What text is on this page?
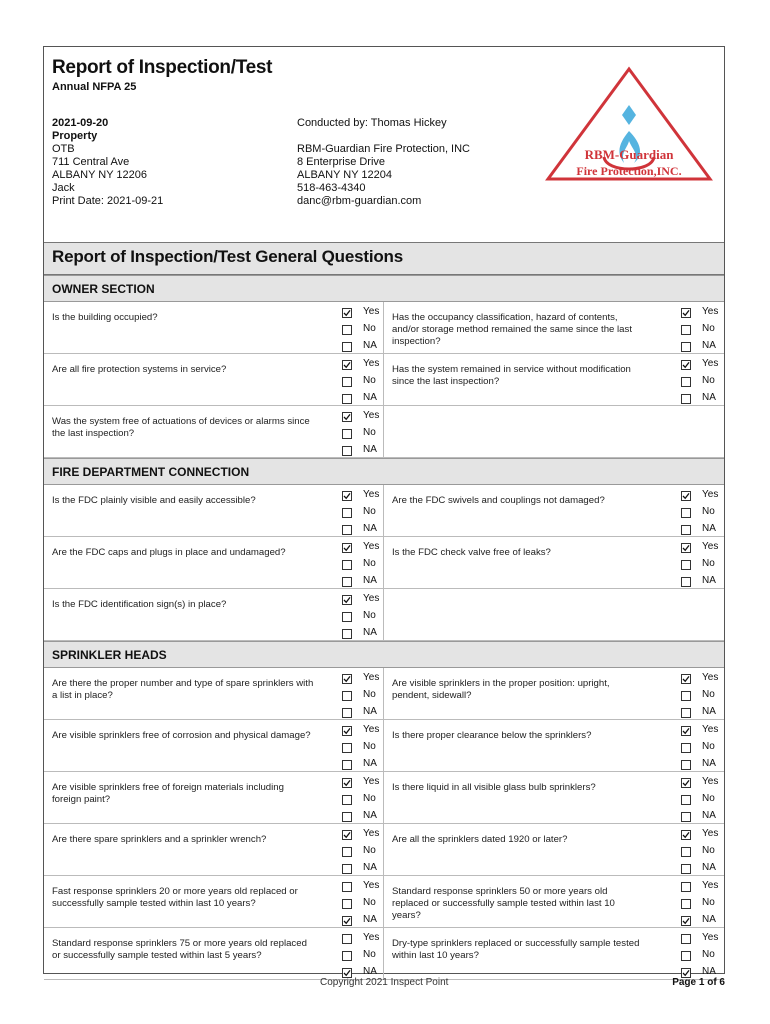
Report of Inspection/Test
Annual NFPA 25
2021-09-20
Property
OTB
711 Central Ave
ALBANY NY 12206
Jack
Print Date: 2021-09-21
Conducted by: Thomas Hickey
RBM-Guardian Fire Protection, INC
8 Enterprise Drive
ALBANY NY 12204
518-463-4340
danc@rbm-guardian.com
RBM-Guardian
Fire Protection,INC.
Report of Inspection/Test General Questions
OWNER SECTION
Is the building occupied?
Yes
No
NA
Has the occupancy classification, hazard of contents, and/or storage method remained the same since the last inspection?
Yes
No
NA
Are all fire protection systems in service?
Yes
No
NA
Has the system remained in service without modification since the last inspection?
Yes
No
NA
Was the system free of actuations of devices or alarms since the last inspection?
Yes
No
NA
FIRE DEPARTMENT CONNECTION
Is the FDC plainly visible and easily accessible?
Yes
No
NA
Are the FDC swivels and couplings not damaged?
Yes
No
NA
Are the FDC caps and plugs in place and undamaged?
Yes
No
NA
Is the FDC check valve free of leaks?
Yes
No
NA
Is the FDC identification sign(s) in place?
Yes
No
NA
SPRINKLER HEADS
Are there the proper number and type of spare sprinklers with a list in place?
Yes
No
NA
Are visible sprinklers in the proper position: upright, pendent, sidewall?
Yes
No
NA
Are visible sprinklers free of corrosion and physical damage?
Yes
No
NA
Is there proper clearance below the sprinklers?
Yes
No
NA
Are visible sprinklers free of foreign materials including foreign paint?
Yes
No
NA
Is there liquid in all visible glass bulb sprinklers?
Yes
No
NA
Are there spare sprinklers and a sprinkler wrench?
Yes
No
NA
Are all the sprinklers dated 1920 or later?
Yes
No
NA
Fast response sprinklers 20 or more years old replaced or successfully sample tested within last 10 years?
Yes
No
NA
Standard response sprinklers 50 or more years old replaced or successfully sample tested within last 10 years?
Yes
No
NA
Standard response sprinklers 75 or more years old replaced or successfully sample tested within last 5 years?
Yes
No
NA
Dry-type sprinklers replaced or successfully sample tested within last 10 years?
Yes
No
NA
Copyright 2021 Inspect Point	Page 1 of 6
